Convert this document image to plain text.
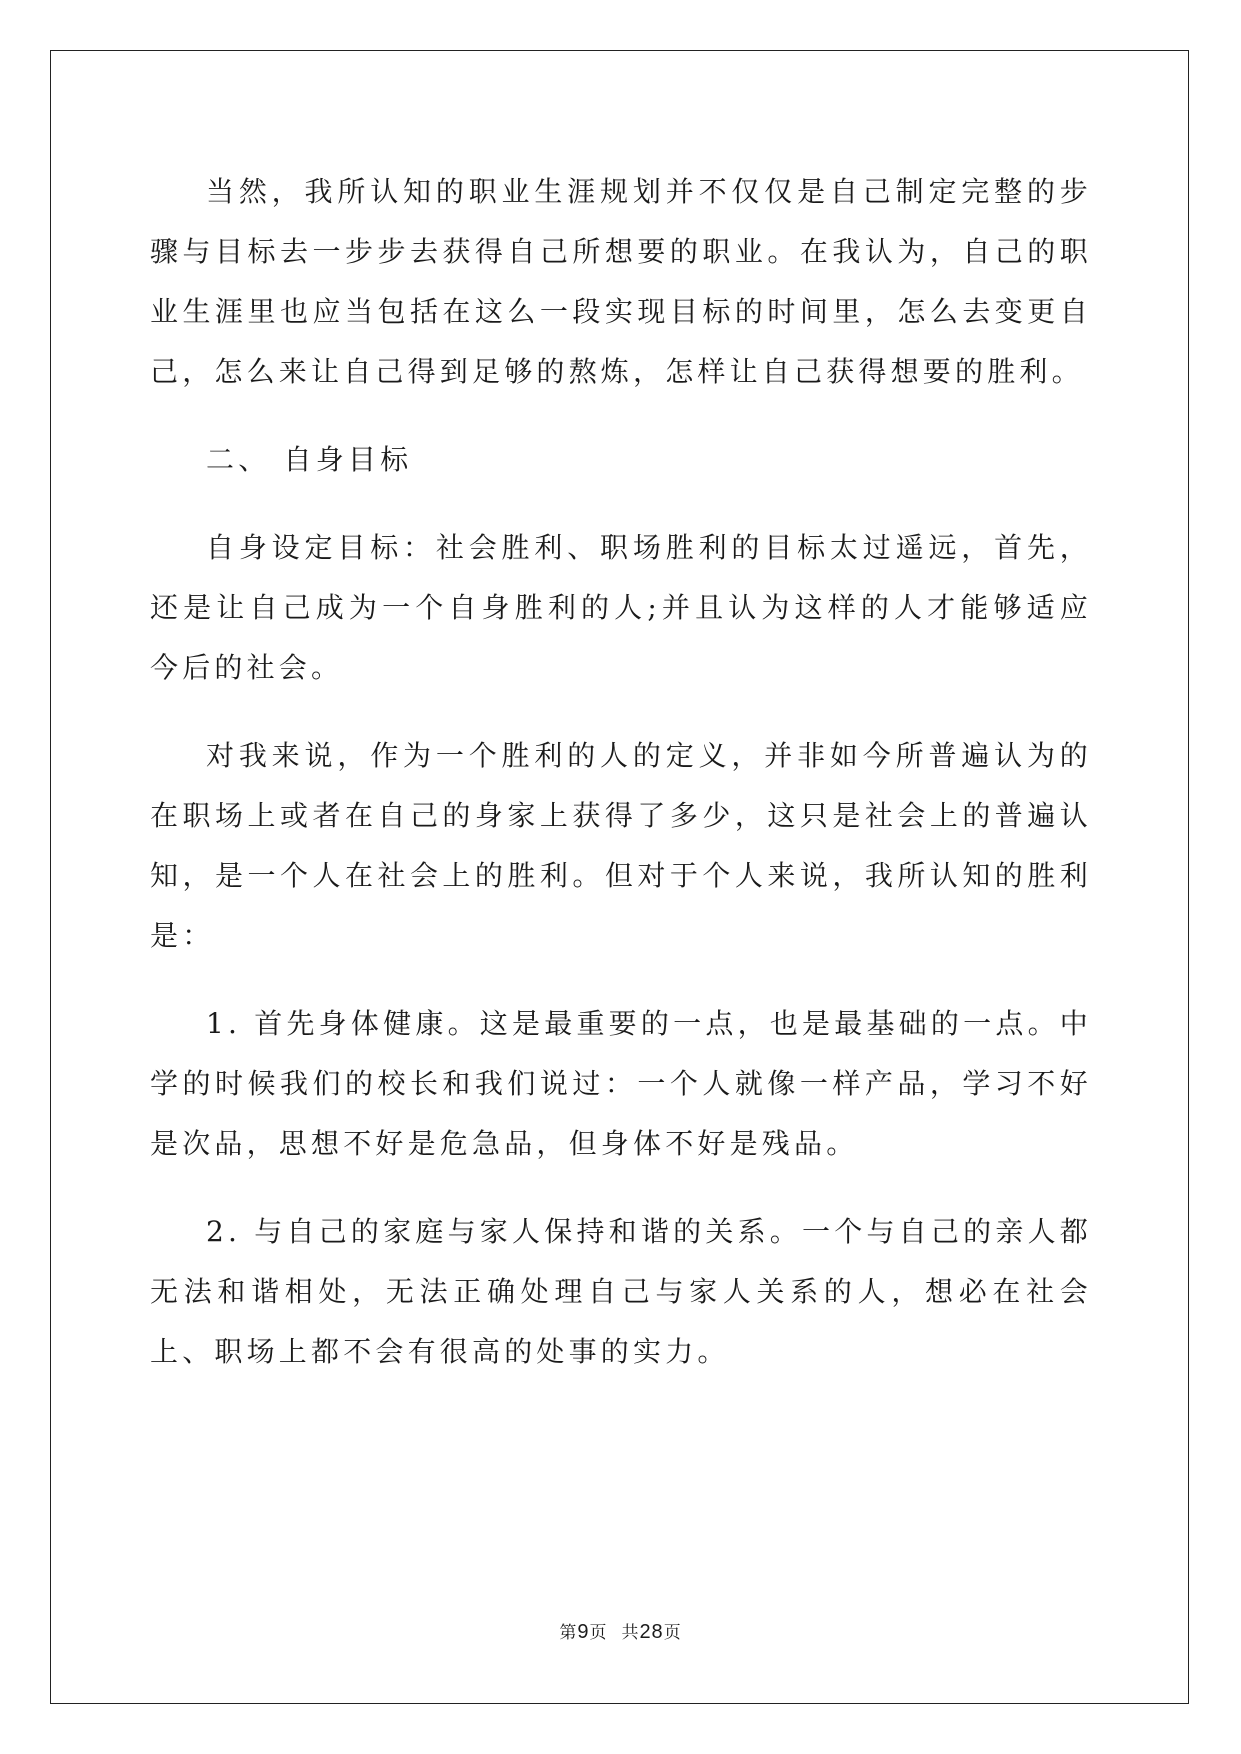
当然，我所认知的职业生涯规划并不仅仅是自己制定完整的步骤与目标去一步步去获得自己所想要的职业。在我认为，自己的职业生涯里也应当包括在这么一段实现目标的时间里，怎么去变更自己，怎么来让自己得到足够的熬炼，怎样让自己获得想要的胜利。

二、 自身目标

自身设定目标：社会胜利、职场胜利的目标太过遥远，首先，还是让自己成为一个自身胜利的人;并且认为这样的人才能够适应今后的社会。

对我来说，作为一个胜利的人的定义，并非如今所普遍认为的在职场上或者在自己的身家上获得了多少，这只是社会上的普遍认知，是一个人在社会上的胜利。但对于个人来说，我所认知的胜利是：

1. 首先身体健康。这是最重要的一点，也是最基础的一点。中学的时候我们的校长和我们说过：一个人就像一样产品，学习不好是次品，思想不好是危急品，但身体不好是残品。

2. 与自己的家庭与家人保持和谐的关系。一个与自己的亲人都无法和谐相处，无法正确处理自己与家人关系的人，想必在社会上、职场上都不会有很高的处事的实力。

第9页 共28页
